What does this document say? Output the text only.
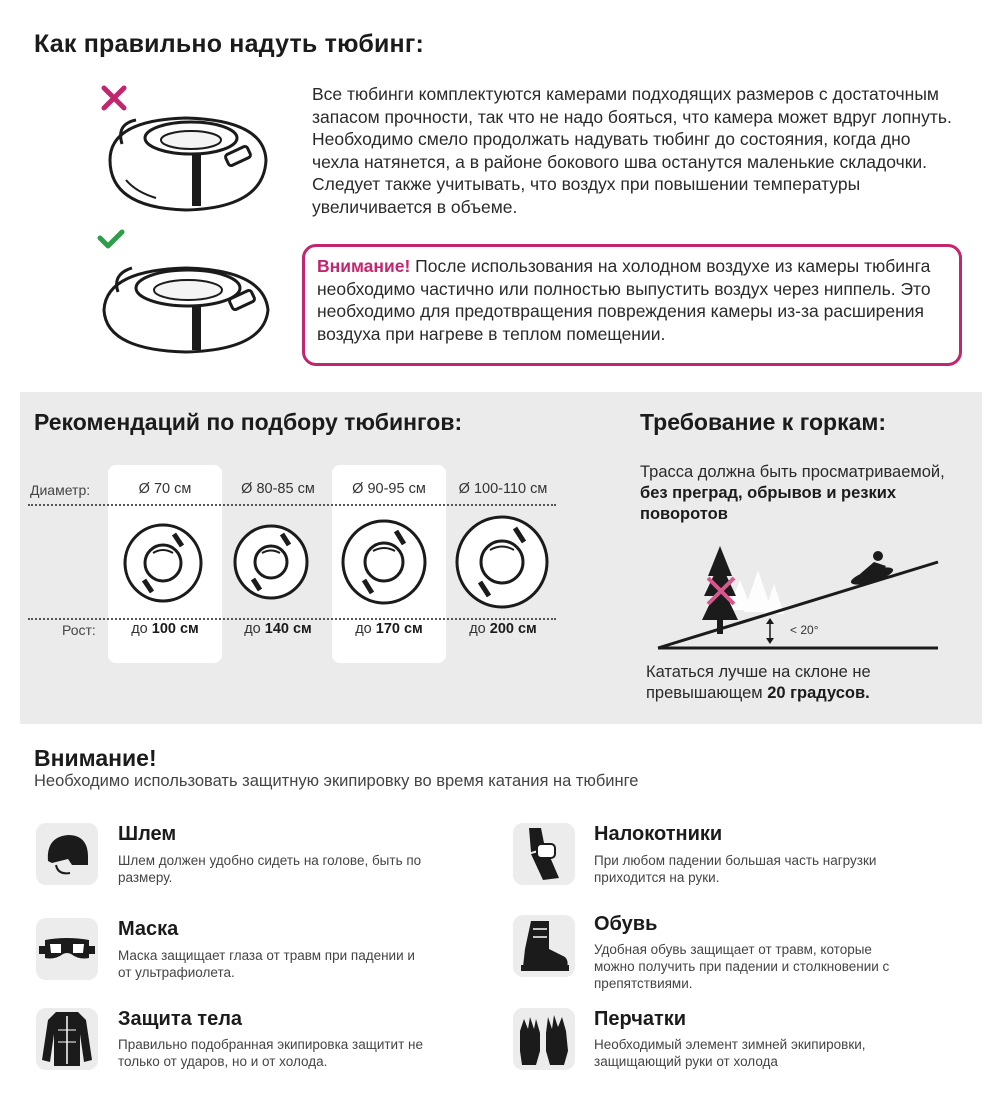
Как правильно надуть тюбинг:

Все тюбинги комплектуются камерами подходящих размеров с достаточным запасом прочности, так что не надо бояться, что камера может вдруг лопнуть. Необходимо смело продолжать надувать тюбинг до состояния, когда дно чехла натянется, а в районе бокового шва останутся маленькие складочки. Следует также учитывать, что воздух при повышении температуры увеличивается в объеме.

Внимание! После использования на холодном воздухе из камеры тюбинга необходимо частично или полностью выпустить воздух через ниппель. Это необходимо для предотвращения повреждения камеры из-за расширения воздуха при нагреве в теплом помещении.
Рекомендаций по подбору тюбингов:	Требование к горкам:
Диаметр:	Ø 70 см	Ø 80-85 см	Ø 90-95 см	Ø 100-110 см
Рост:	до 100 см	до 140 см	до 170 см	до 200 см
Трасса должна быть просматриваемой, без преград, обрывов и резких поворотов
< 20°
Кататься лучше на склоне не превышающем 20 градусов.
Внимание!
Необходимо использовать защитную экипировку во время катания на тюбинге
Шлем
Шлем должен удобно сидеть на голове, быть по размеру.
Налокотники
При любом падении большая часть нагрузки приходится на руки.
Маска
Маска защищает глаза от травм при падении и от ультрафиолета.
Обувь
Удобная обувь защищает от травм, которые можно получить при падении и столкновении с препятствиями.
Защита тела
Правильно подобранная экипировка защитит не только от ударов, но и от холода.
Перчатки
Необходимый элемент зимней экипировки, защищающий руки от холода
